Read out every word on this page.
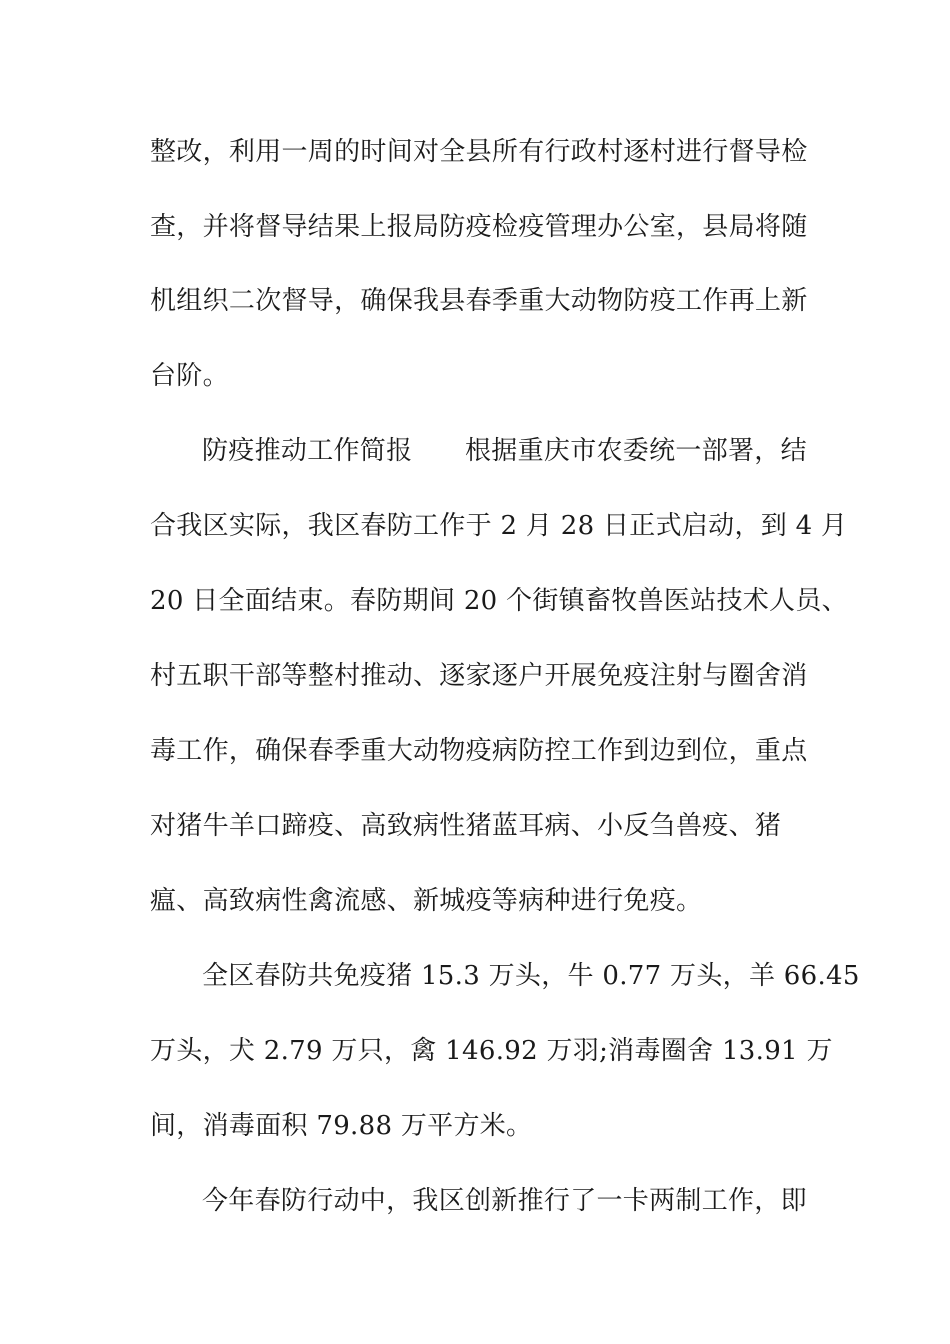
整改，利用一周的时间对全县所有行政村逐村进行督导检
查，并将督导结果上报局防疫检疫管理办公室，县局将随
机组织二次督导，确保我县春季重大动物防疫工作再上新
台阶。
防疫推动工作简报　　根据重庆市农委统一部署，结
合我区实际，我区春防工作于 2 月 28 日正式启动，到 4 月
20 日全面结束。春防期间 20 个街镇畜牧兽医站技术人员、
村五职干部等整村推动、逐家逐户开展免疫注射与圈舍消
毒工作，确保春季重大动物疫病防控工作到边到位，重点
对猪牛羊口蹄疫、高致病性猪蓝耳病、小反刍兽疫、猪
瘟、高致病性禽流感、新城疫等病种进行免疫。
全区春防共免疫猪 15.3 万头，牛 0.77 万头，羊 66.45
万头，犬 2.79 万只，禽 146.92 万羽;消毒圈舍 13.91 万
间，消毒面积 79.88 万平方米。
今年春防行动中，我区创新推行了一卡两制工作，即
